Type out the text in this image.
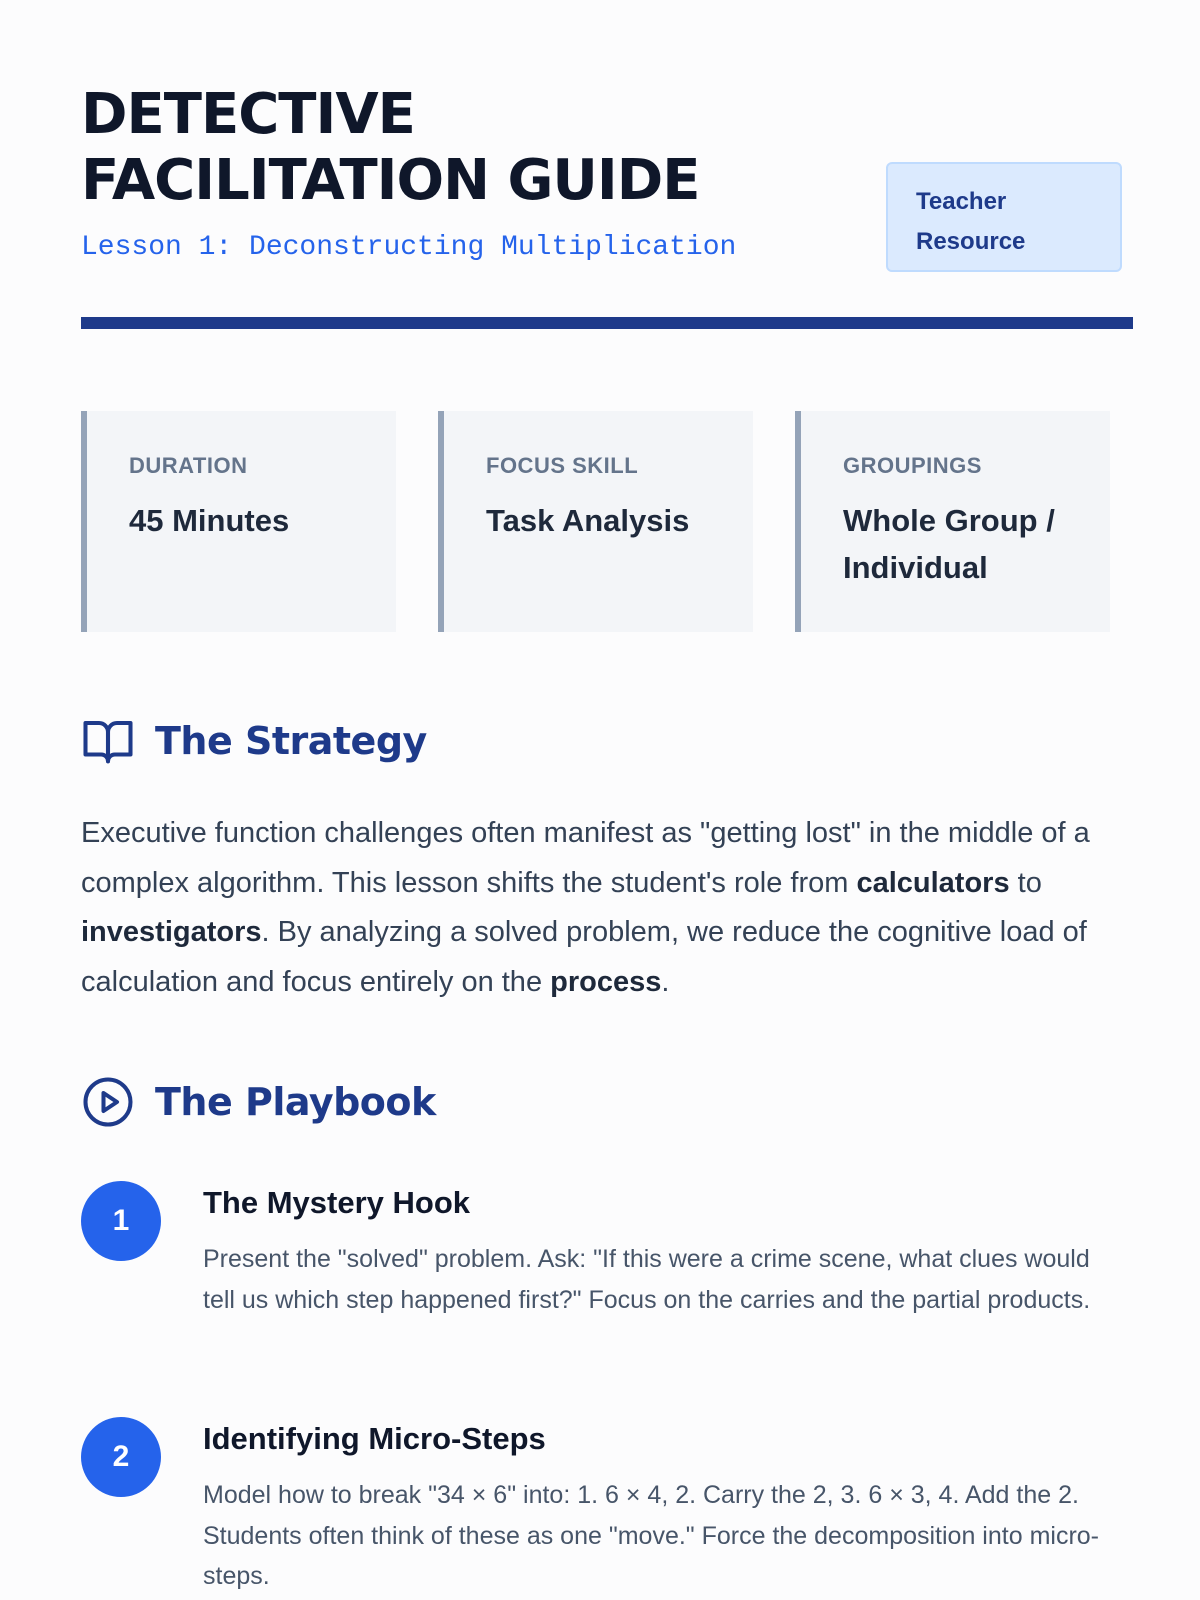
DETECTIVE
FACILITATION GUIDE
Lesson 1: Deconstructing Multiplication
Teacher
Resource
DURATION
45 Minutes
FOCUS SKILL
Task Analysis
GROUPINGS
Whole Group / Individual
The Strategy

Executive function challenges often manifest as "getting lost" in the middle of a complex algorithm. This lesson shifts the student's role from calculators to investigators. By analyzing a solved problem, we reduce the cognitive load of calculation and focus entirely on the process.

The Playbook
1
The Mystery Hook

Present the "solved" problem. Ask: "If this were a crime scene, what clues would tell us which step happened first?" Focus on the carries and the partial products.

2
Identifying Micro-Steps

Model how to break "34 × 6" into: 1. 6 × 4, 2. Carry the 2, 3. 6 × 3, 4. Add the 2. Students often think of these as one "move." Force the decomposition into micro-steps.
